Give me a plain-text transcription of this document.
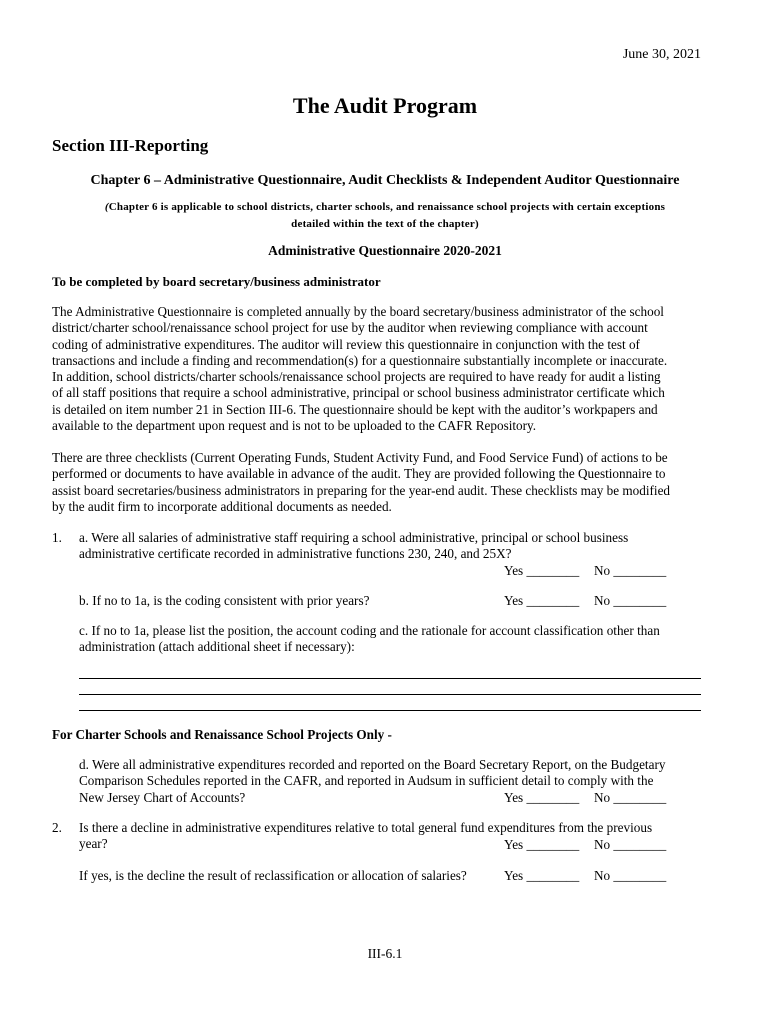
June 30, 2021
The Audit Program
Section III-Reporting
Chapter 6 – Administrative Questionnaire, Audit Checklists & Independent Auditor Questionnaire
(Chapter 6 is applicable to school districts, charter schools, and renaissance school projects with certain exceptions
detailed within the text of the chapter)
Administrative Questionnaire 2020-2021
To be completed by board secretary/business administrator
The Administrative Questionnaire is completed annually by the board secretary/business administrator of the school
district/charter school/renaissance school project for use by the auditor when reviewing compliance with account
coding of administrative expenditures. The auditor will review this questionnaire in conjunction with the test of
transactions and include a finding and recommendation(s) for a questionnaire substantially incomplete or inaccurate.
In addition, school districts/charter schools/renaissance school projects are required to have ready for audit a listing
of all staff positions that require a school administrative, principal or school business administrator certificate which
is detailed on item number 21 in Section III-6. The questionnaire should be kept with the auditor’s workpapers and
available to the department upon request and is not to be uploaded to the CAFR Repository.
There are three checklists (Current Operating Funds, Student Activity Fund, and Food Service Fund) of actions to be
performed or documents to have available in advance of the audit. They are provided following the Questionnaire to
assist board secretaries/business administrators in preparing for the year-end audit. These checklists may be modified
by the audit firm to incorporate additional documents as needed.
1. a. Were all salaries of administrative staff requiring a school administrative, principal or school business
administrative certificate recorded in administrative functions 230, 240, and 25X?
Yes ________ No ________
b. If no to 1a, is the coding consistent with prior years?	Yes ________ No ________
c. If no to 1a, please list the position, the account coding and the rationale for account classification other than
administration (attach additional sheet if necessary):
For Charter Schools and Renaissance School Projects Only -
d. Were all administrative expenditures recorded and reported on the Board Secretary Report, on the Budgetary
Comparison Schedules reported in the CAFR, and reported in Audsum in sufficient detail to comply with the
New Jersey Chart of Accounts?	Yes ________ No ________
2. Is there a decline in administrative expenditures relative to total general fund expenditures from the previous
year?	Yes ________ No ________
If yes, is the decline the result of reclassification or allocation of salaries?	Yes ________ No ________
III-6.1
